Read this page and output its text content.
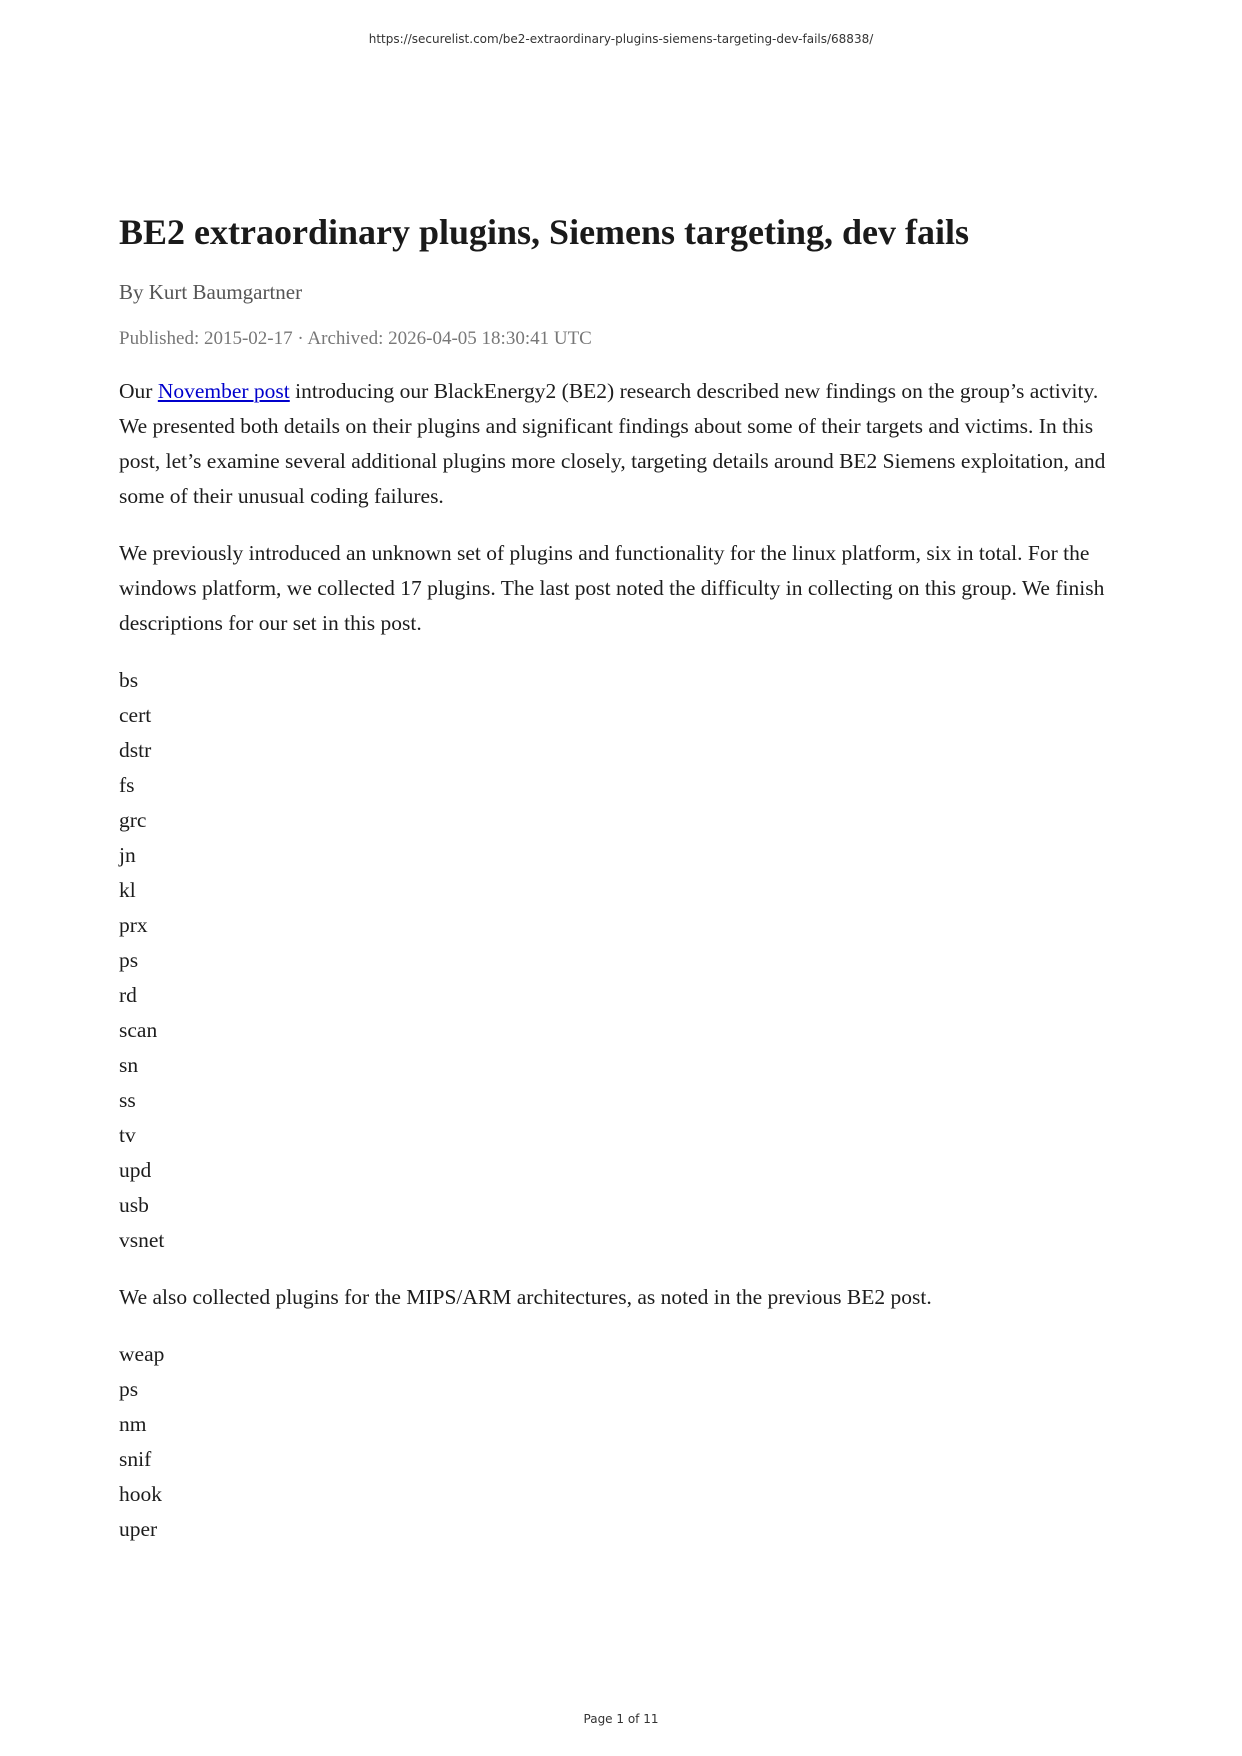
https://securelist.com/be2-extraordinary-plugins-siemens-targeting-dev-fails/68838/
BE2 extraordinary plugins, Siemens targeting, dev fails
By Kurt Baumgartner
Published: 2015-02-17 · Archived: 2026-04-05 18:30:41 UTC

Our November post introducing our BlackEnergy2 (BE2) research described new findings on the group’s activity. We presented both details on their plugins and significant findings about some of their targets and victims. In this post, let’s examine several additional plugins more closely, targeting details around BE2 Siemens exploitation, and some of their unusual coding failures.

We previously introduced an unknown set of plugins and functionality for the linux platform, six in total. For the windows platform, we collected 17 plugins. The last post noted the difficulty in collecting on this group. We finish descriptions for our set in this post.

bs
cert
dstr
fs
grc
jn
kl
prx
ps
rd
scan
sn
ss
tv
upd
usb
vsnet

We also collected plugins for the MIPS/ARM architectures, as noted in the previous BE2 post.

weap
ps
nm
snif
hook
uper
Page 1 of 11
